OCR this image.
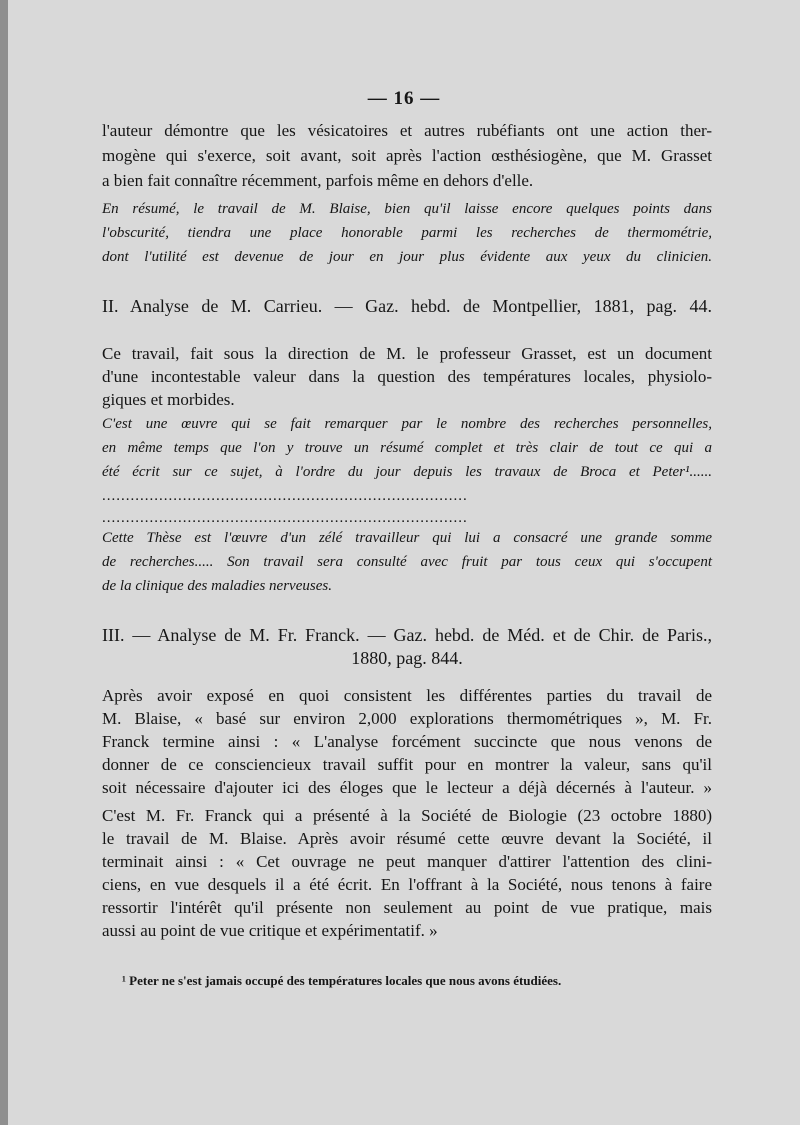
— 16 —
l'auteur démontre que les vésicatoires et autres rubéfiants ont une action ther-
mogène qui s'exerce, soit avant, soit après l'action œsthésiogène, que M. Grasset
a bien fait connaître récemment, parfois même en dehors d'elle.
En résumé, le travail de M. Blaise, bien qu'il laisse encore quelques points dans
l'obscurité, tiendra une place honorable parmi les recherches de thermométrie,
dont l'utilité est devenue de jour en jour plus évidente aux yeux du clinicien.
II. Analyse de M. Carrieu. — Gaz. hebd. de Montpellier, 1881, pag. 44.
Ce travail, fait sous la direction de M. le professeur Grasset, est un document
d'une incontestable valeur dans la question des températures locales, physiolo-
giques et morbides.
C'est une œuvre qui se fait remarquer par le nombre des recherches personnelles,
en même temps que l'on y trouve un résumé complet et très clair de tout ce qui a
été écrit sur ce sujet, à l'ordre du jour depuis les travaux de Broca et Peter¹......
.............................................................................
.............................................................................
Cette Thèse est l'œuvre d'un zélé travailleur qui lui a consacré une grande somme
de recherches..... Son travail sera consulté avec fruit par tous ceux qui s'occupent
de la clinique des maladies nerveuses.
III. — Analyse de M. Fr. Franck. — Gaz. hebd. de Méd. et de Chir. de Paris.,
1880, pag. 844.
Après avoir exposé en quoi consistent les différentes parties du travail de
M. Blaise, « basé sur environ 2,000 explorations thermométriques », M. Fr.
Franck termine ainsi : « L'analyse forcément succincte que nous venons de
donner de ce consciencieux travail suffit pour en montrer la valeur, sans qu'il
soit nécessaire d'ajouter ici des éloges que le lecteur a déjà décernés à l'auteur. »
C'est M. Fr. Franck qui a présenté à la Société de Biologie (23 octobre 1880)
le travail de M. Blaise. Après avoir résumé cette œuvre devant la Société, il
terminait ainsi : « Cet ouvrage ne peut manquer d'attirer l'attention des clini-
ciens, en vue desquels il a été écrit. En l'offrant à la Société, nous tenons à faire
ressortir l'intérêt qu'il présente non seulement au point de vue pratique, mais
aussi au point de vue critique et expérimentatif. »
¹ Peter ne s'est jamais occupé des températures locales que nous avons étudiées.
